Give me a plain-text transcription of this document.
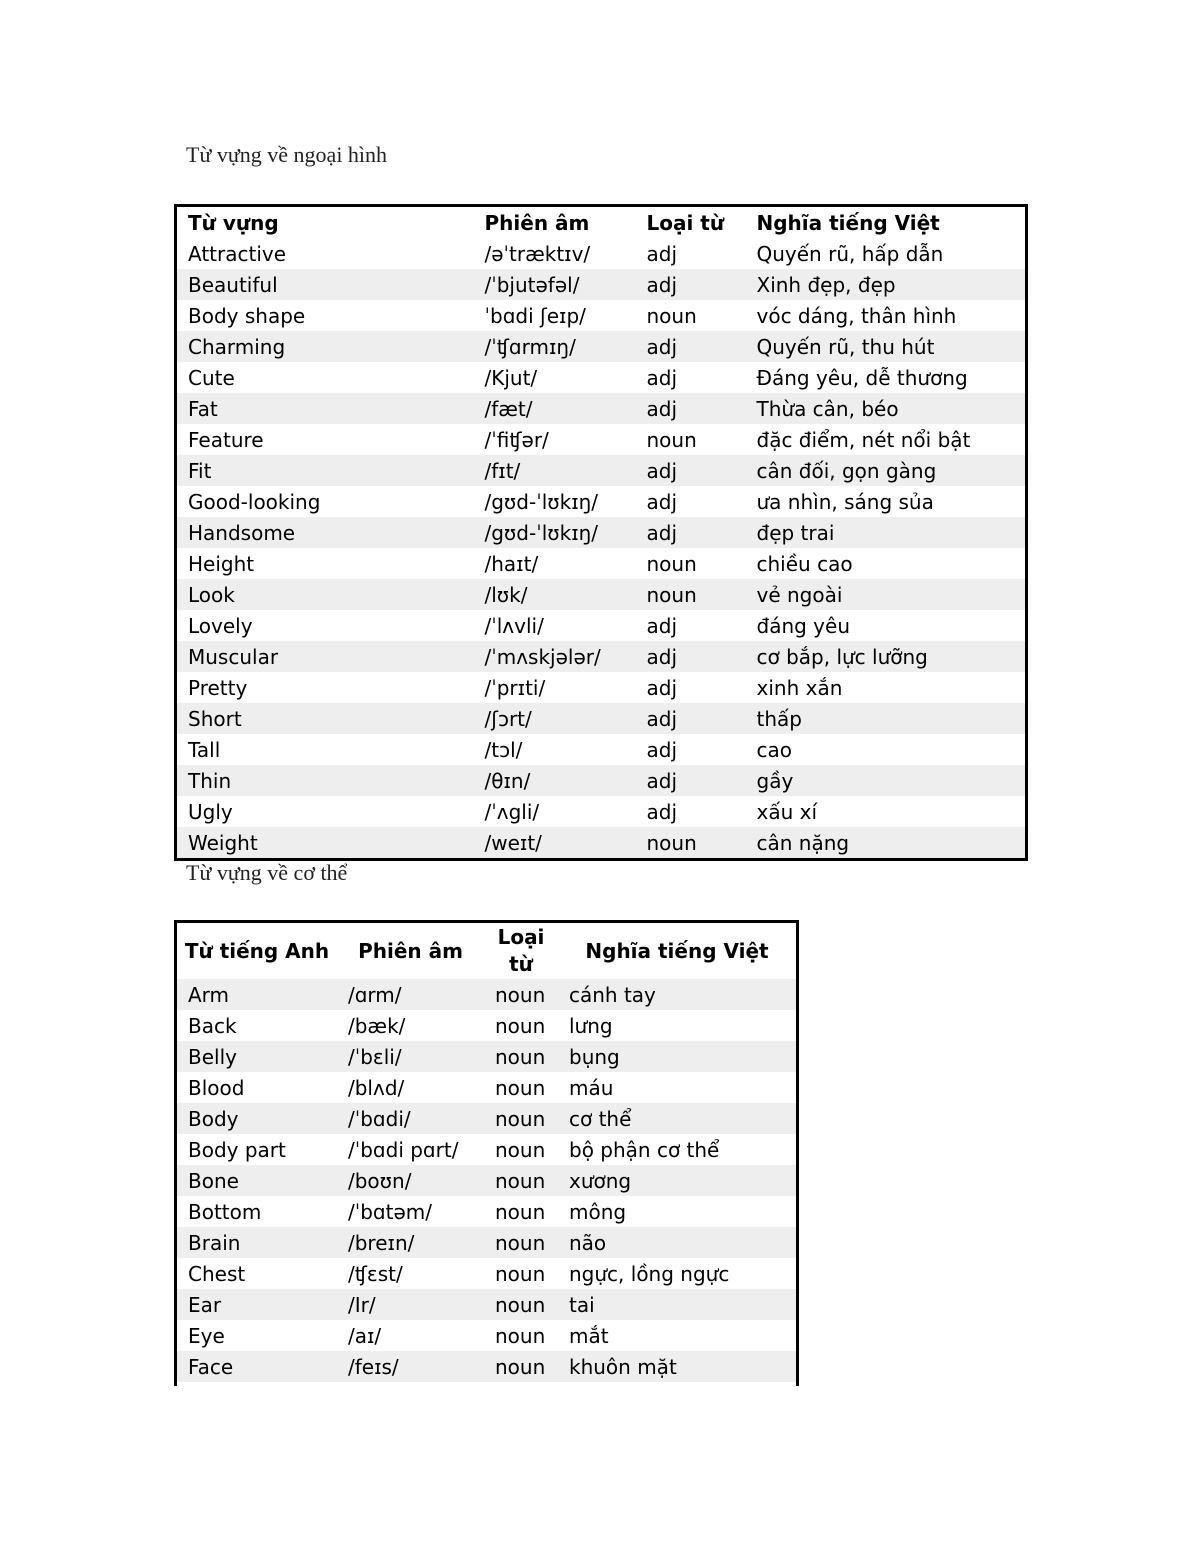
Từ vựng về ngoại hình
Từ vựng	Phiên âm	Loại từ	Nghĩa tiếng Việt
Attractive	/əˈtræktɪv/	adj	Quyến rũ, hấp dẫn
Beautiful	/ˈbjutəfəl/	adj	Xinh đẹp, đẹp
Body shape	ˈbɑdi ʃeɪp/	noun	vóc dáng, thân hình
Charming	/ˈʧɑrmɪŋ/	adj	Quyến rũ, thu hút
Cute	/Kjut/	adj	Đáng yêu, dễ thương
Fat	/fæt/	adj	Thừa cân, béo
Feature	/ˈfiʧər/	noun	đặc điểm, nét nổi bật
Fit	/fɪt/	adj	cân đối, gọn gàng
Good-looking	/gʊd-ˈlʊkɪŋ/	adj	ưa nhìn, sáng sủa
Handsome	/gʊd-ˈlʊkɪŋ/	adj	đẹp trai
Height	/haɪt/	noun	chiều cao
Look	/lʊk/	noun	vẻ ngoài
Lovely	/ˈlʌvli/	adj	đáng yêu
Muscular	/ˈmʌskjələr/	adj	cơ bắp, lực lưỡng
Pretty	/ˈprɪti/	adj	xinh xắn
Short	/ʃɔrt/	adj	thấp
Tall	/tɔl/	adj	cao
Thin	/θɪn/	adj	gầy
Ugly	/ˈʌgli/	adj	xấu xí
Weight	/weɪt/	noun	cân nặng
Từ vựng về cơ thể
Từ tiếng Anh	Phiên âm	Loại từ	Nghĩa tiếng Việt
Arm	/ɑrm/	noun	cánh tay
Back	/bæk/	noun	lưng
Belly	/ˈbɛli/	noun	bụng
Blood	/blʌd/	noun	máu
Body	/ˈbɑdi/	noun	cơ thể
Body part	/ˈbɑdi pɑrt/	noun	bộ phận cơ thể
Bone	/boʊn/	noun	xương
Bottom	/ˈbɑtəm/	noun	mông
Brain	/breɪn/	noun	não
Chest	/ʧɛst/	noun	ngực, lồng ngực
Ear	/Ir/	noun	tai
Eye	/aɪ/	noun	mắt
Face	/feɪs/	noun	khuôn mặt
